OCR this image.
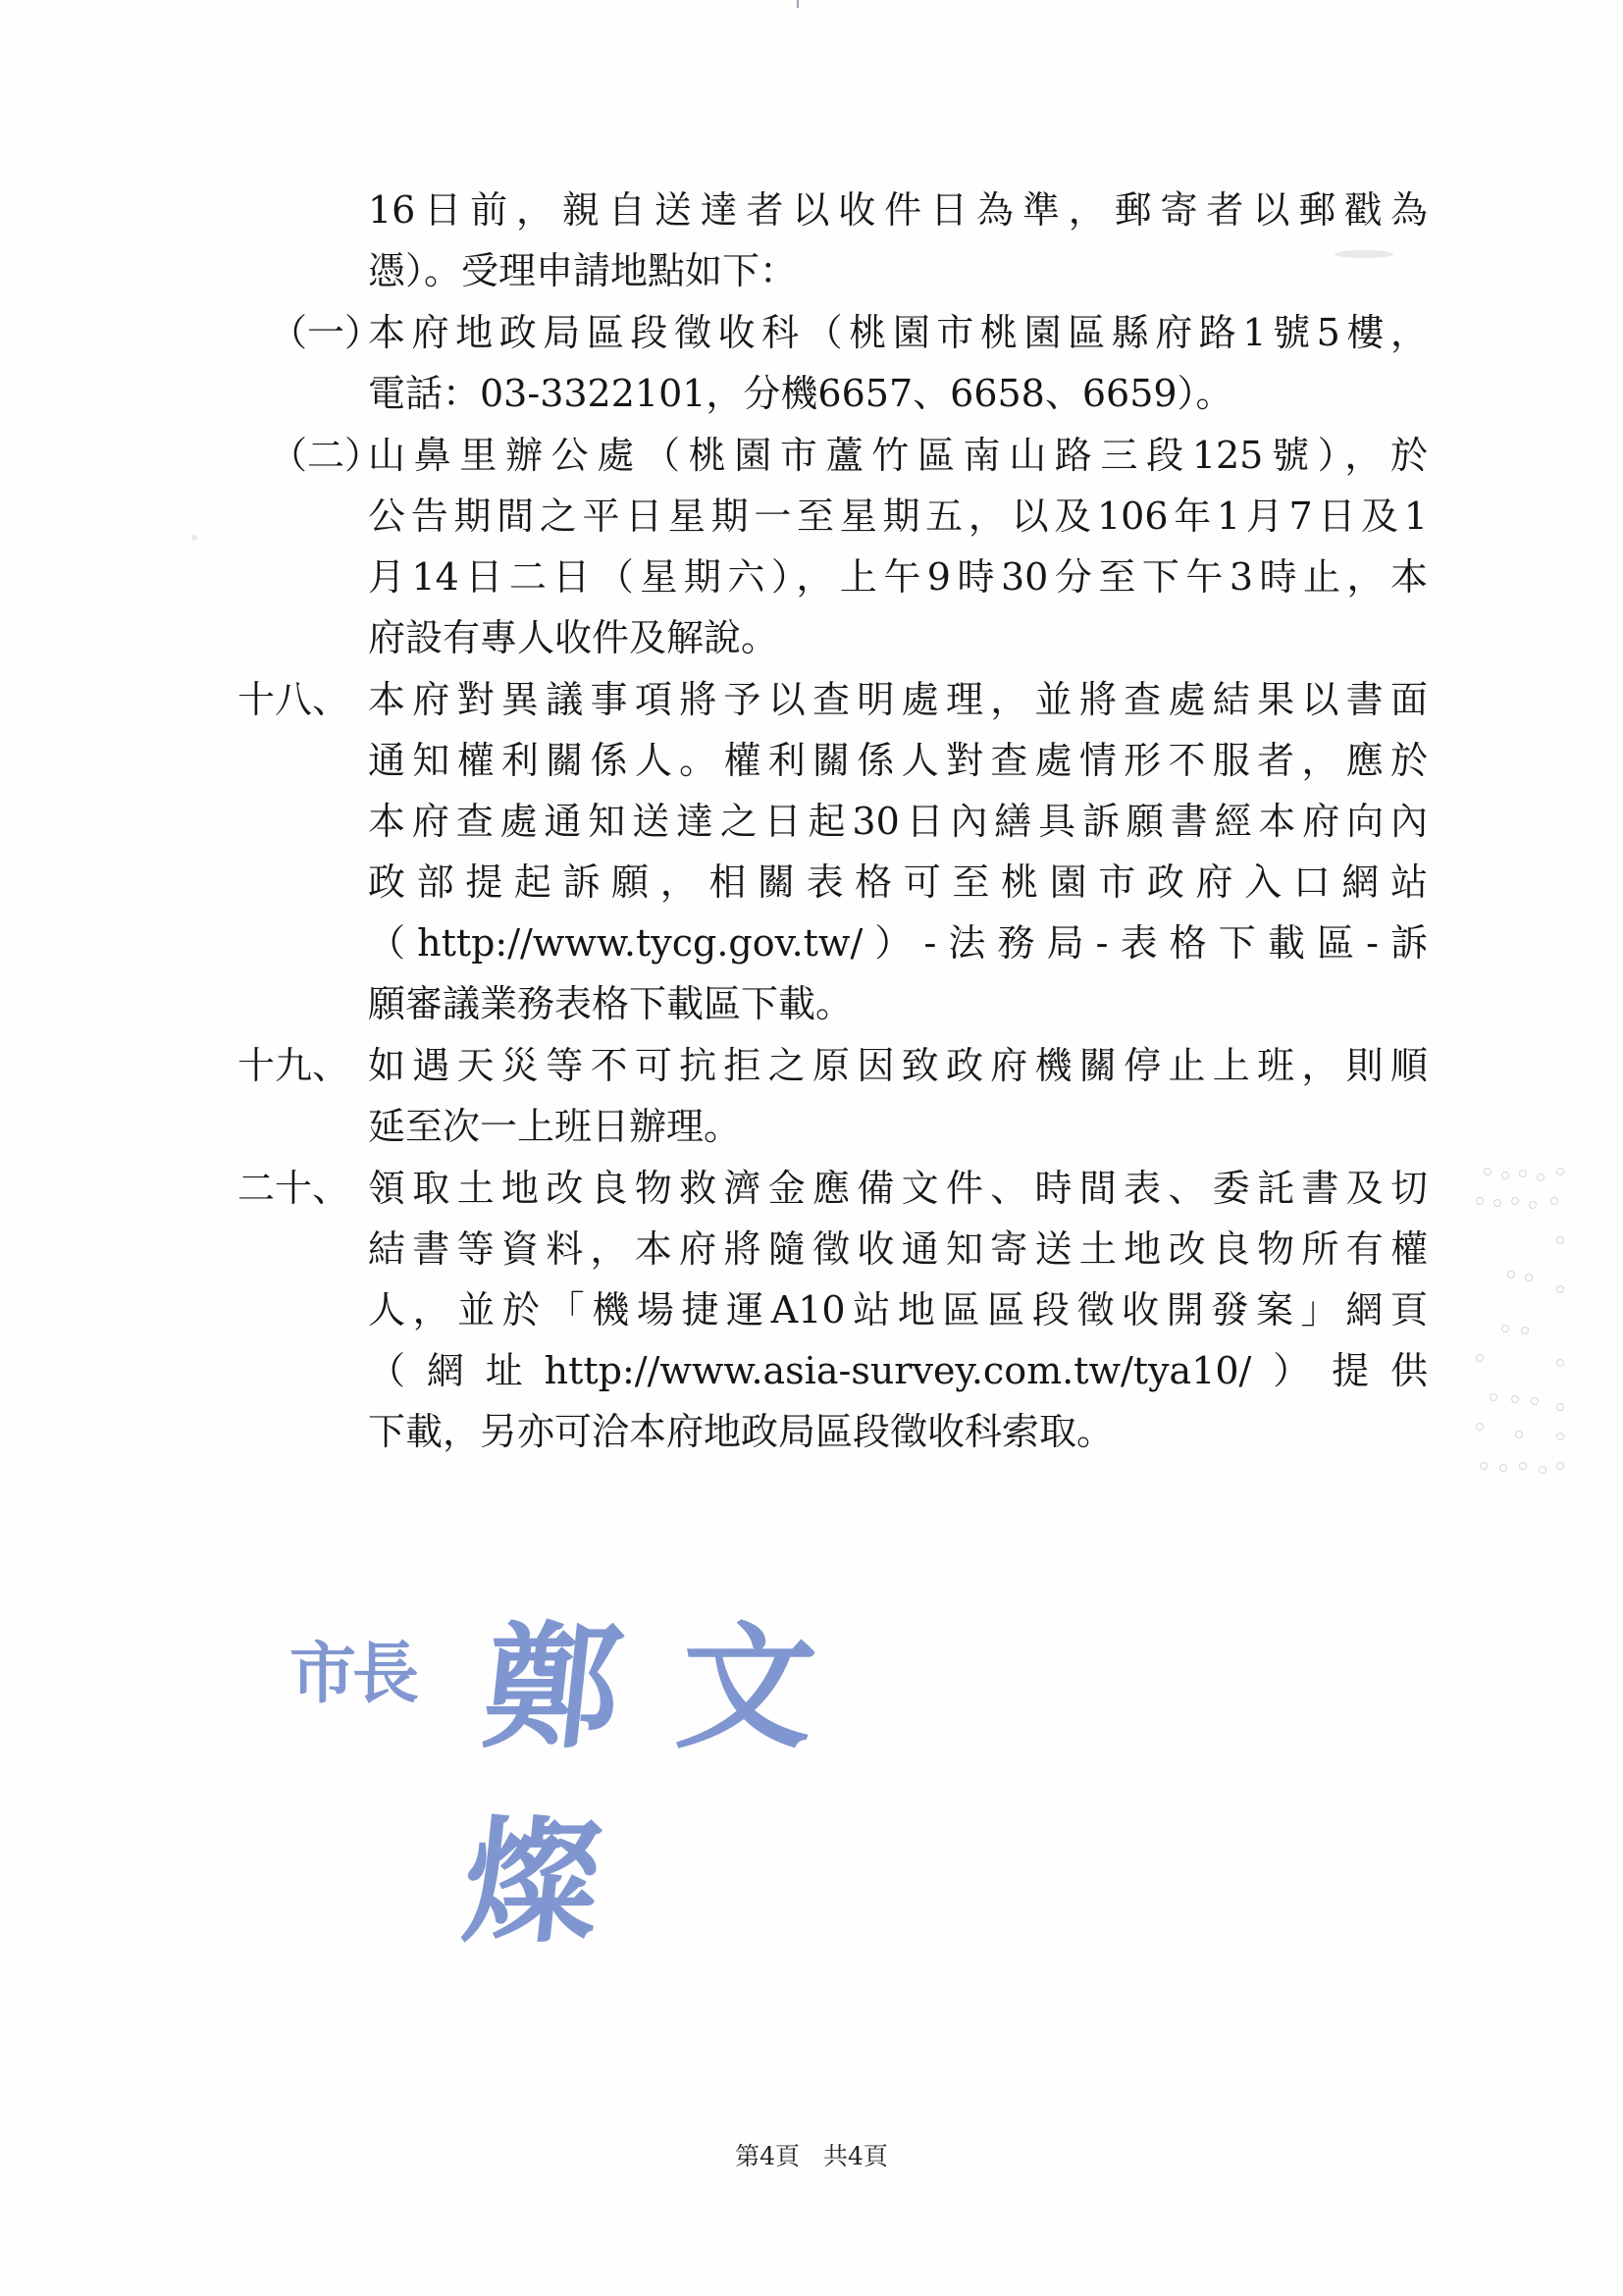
16日前，親自送達者以收件日為準，郵寄者以郵戳為
憑）。受理申請地點如下：
（一）
本府地政局區段徵收科（桃園市桃園區縣府路1號5樓，
電話：03-3322101，分機6657、6658、6659）。
（二）
山鼻里辦公處（桃園市蘆竹區南山路三段125號），於
公告期間之平日星期一至星期五，以及106年1月7日及1
月14日二日（星期六），上午9時30分至下午3時止，本
府設有專人收件及解說。
十八、 本府對異議事項將予以查明處理，並將查處結果以書面
通知權利關係人。權利關係人對查處情形不服者，應於
本府查處通知送達之日起30日內繕具訴願書經本府向內
政部提起訴願，相關表格可至桃園市政府入口網站
（http://www.tycg.gov.tw/）-法務局-表格下載區-訴
願審議業務表格下載區下載。
十九、 如遇天災等不可抗拒之原因致政府機關停止上班，則順
延至次一上班日辦理。
二十、 領取土地改良物救濟金應備文件、時間表、委託書及切
結書等資料，本府將隨徵收通知寄送土地改良物所有權
人，並於「機場捷運A10站地區區段徵收開發案」網頁
（網址http://www.asia-survey.com.tw/tya10/）提供
下載，另亦可洽本府地政局區段徵收科索取。
市長 鄭文燦
第4頁 共4頁
